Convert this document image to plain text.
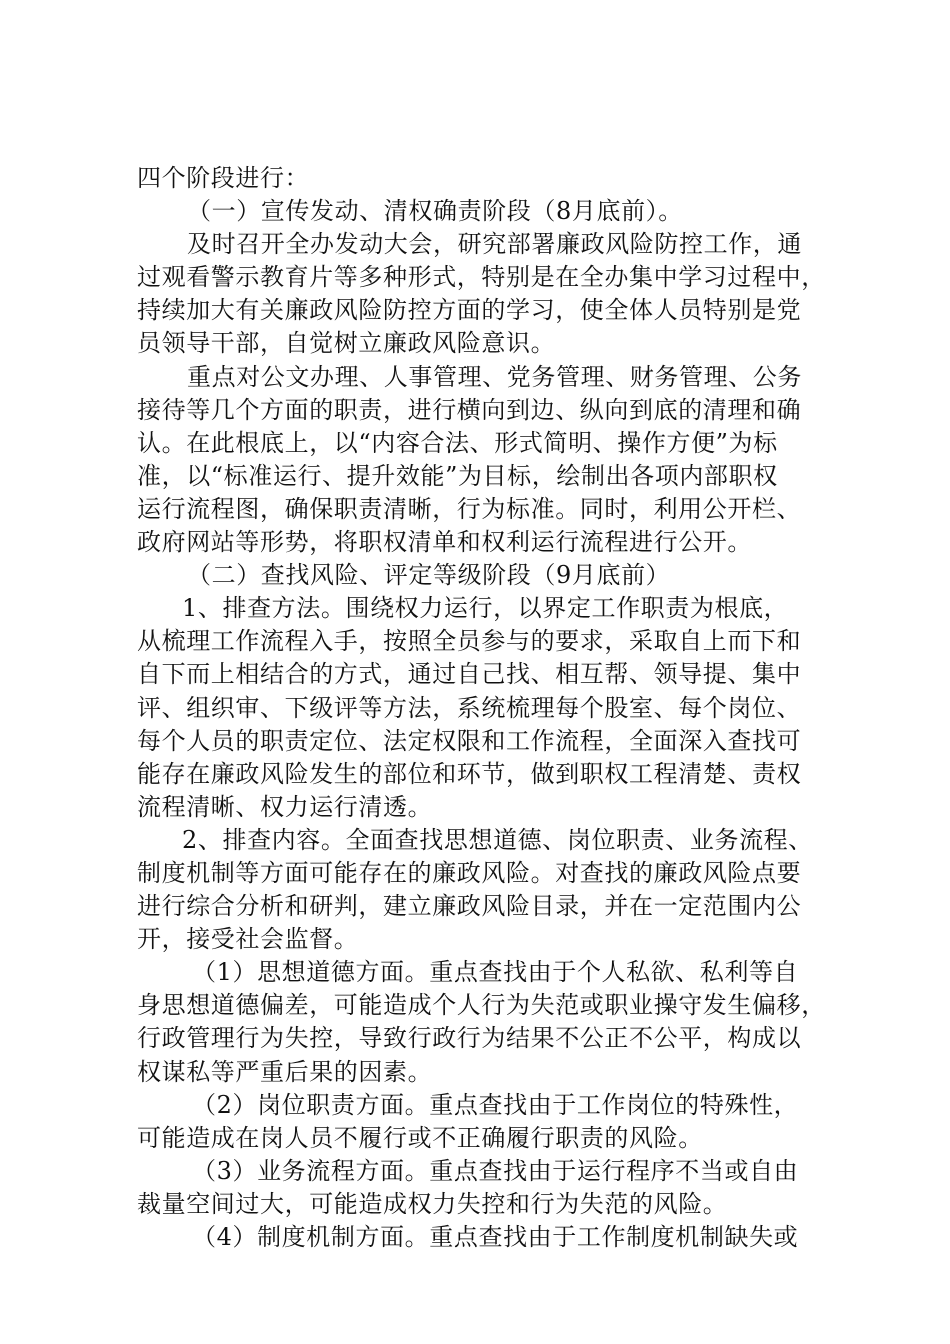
四个阶段进行：
（一）宣传发动、清权确责阶段（8月底前）。
及时召开全办发动大会，研究部署廉政风险防控工作，通
过观看警示教育片等多种形式，特别是在全办集中学习过程中，
持续加大有关廉政风险防控方面的学习，使全体人员特别是党
员领导干部，自觉树立廉政风险意识。
重点对公文办理、人事管理、党务管理、财务管理、公务
接待等几个方面的职责，进行横向到边、纵向到底的清理和确
认。在此根底上，以“内容合法、形式简明、操作方便”为标
准，以“标准运行、提升效能”为目标，绘制出各项内部职权
运行流程图，确保职责清晰，行为标准。同时，利用公开栏、
政府网站等形势，将职权清单和权利运行流程进行公开。
（二）查找风险、评定等级阶段（9月底前）
1、排查方法。围绕权力运行，以界定工作职责为根底，
从梳理工作流程入手，按照全员参与的要求，采取自上而下和
自下而上相结合的方式，通过自己找、相互帮、领导提、集中
评、组织审、下级评等方法，系统梳理每个股室、每个岗位、
每个人员的职责定位、法定权限和工作流程，全面深入查找可
能存在廉政风险发生的部位和环节，做到职权工程清楚、责权
流程清晰、权力运行清透。
2、排查内容。全面查找思想道德、岗位职责、业务流程、
制度机制等方面可能存在的廉政风险。对查找的廉政风险点要
进行综合分析和研判，建立廉政风险目录，并在一定范围内公
开，接受社会监督。
（1）思想道德方面。重点查找由于个人私欲、私利等自
身思想道德偏差，可能造成个人行为失范或职业操守发生偏移，
行政管理行为失控，导致行政行为结果不公正不公平，构成以
权谋私等严重后果的因素。
（2）岗位职责方面。重点查找由于工作岗位的特殊性，
可能造成在岗人员不履行或不正确履行职责的风险。
（3）业务流程方面。重点查找由于运行程序不当或自由
裁量空间过大，可能造成权力失控和行为失范的风险。
（4）制度机制方面。重点查找由于工作制度机制缺失或
